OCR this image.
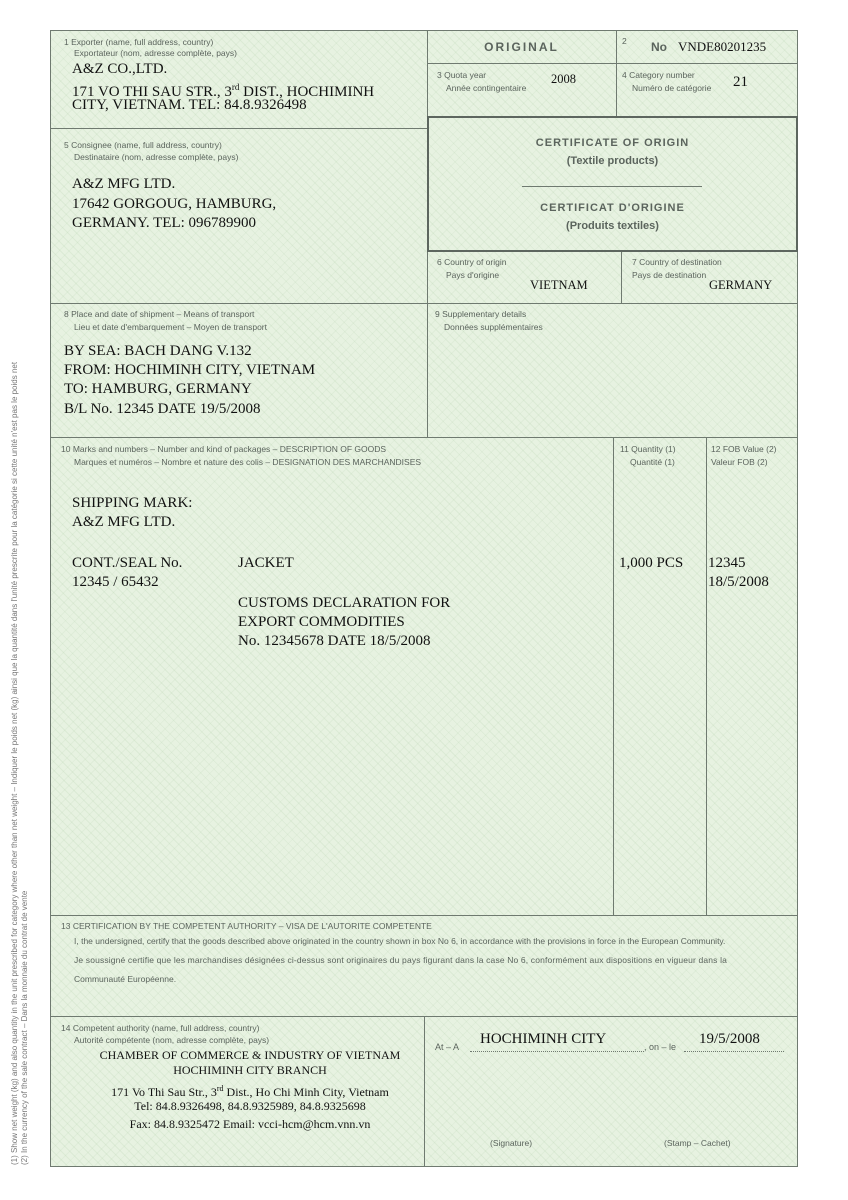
1 Exporter (name, full address, country)
Exportateur (nom, adresse complète, pays)
A&Z CO.,LTD.
171 VO THI SAU STR., 3rd DIST., HOCHIMINH
CITY, VIETNAM. TEL: 84.8.9326498
ORIGINAL	2 No VNDE80201235
3 Quota year
Année contingentaire
2008	4 Category number
Numéro de catégorie 21
CERTIFICATE OF ORIGIN
(Textile products)
CERTIFICAT D'ORIGINE
(Produits textiles)
5 Consignee (name, full address, country)
Destinataire (nom, adresse complète, pays)
A&Z MFG LTD.
17642 GORGOUG, HAMBURG,
GERMANY. TEL: 096789900
6 Country of origin
Pays d'origine
VIETNAM
7 Country of destination
Pays de destination
GERMANY
8 Place and date of shipment – Means of transport
Lieu et date d'embarquement – Moyen de transport
BY SEA: BACH DANG V.132
FROM: HOCHIMINH CITY, VIETNAM
TO: HAMBURG, GERMANY
B/L No. 12345 DATE 19/5/2008
9 Supplementary details
Données supplémentaires
10 Marks and numbers – Number and kind of packages – DESCRIPTION OF GOODS
Marques et numéros – Nombre et nature des colis – DESIGNATION DES MARCHANDISES
SHIPPING MARK:
A&Z MFG LTD.
CONT./SEAL No.
12345 / 65432
JACKET
CUSTOMS DECLARATION FOR
EXPORT COMMODITIES
No. 12345678 DATE 18/5/2008
11 Quantity (1)
Quantité (1)
1,000 PCS
12 FOB Value (2)
Valeur FOB (2)
12345
18/5/2008
13 CERTIFICATION BY THE COMPETENT AUTHORITY – VISA DE L'AUTORITE COMPETENTE
I, the undersigned, certify that the goods described above originated in the country shown in box No 6, in accordance with the provisions in force in the European Community.
Je soussigné certifie que les marchandises désignées ci-dessus sont originaires du pays figurant dans la case No 6, conformément aux dispositions en vigueur dans la
Communauté Européenne.
14 Competent authority (name, full address, country)
Autorité compétente (nom, adresse complète, pays)
CHAMBER OF COMMERCE & INDUSTRY OF VIETNAM
HOCHIMINH CITY BRANCH
171 Vo Thi Sau Str., 3rd Dist., Ho Chi Minh City, Vietnam
Tel: 84.8.9326498, 84.8.9325989, 84.8.9325698
Fax: 84.8.9325472 Email: vcci-hcm@hcm.vnn.vn
At – A HOCHIMINH CITY	, on – le 19/5/2008
(Signature)	(Stamp – Cachet)
(1) Show net weight (kg) and also quantity in the unit prescribed for category where other than net weight – Indiquer le poids net (kg) ainsi que la quantité dans l'unité prescrite pour la catégorie si cette unité n'est pas le poids net (2) In the currency of the sale contract – Dans la monnaie du contrat de vente
